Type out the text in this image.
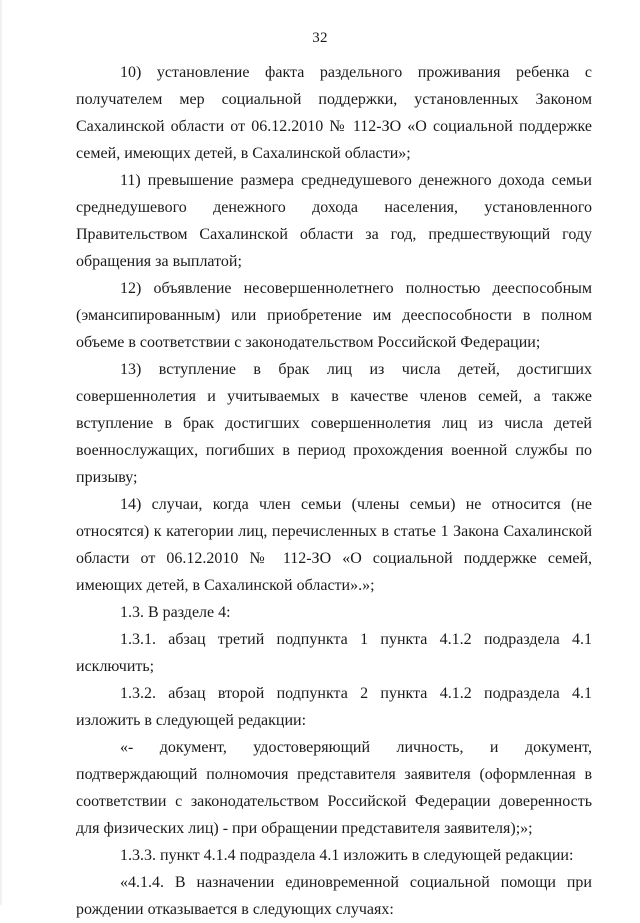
32

10) установление факта раздельного проживания ребенка с получателем мер социальной поддержки, установленных Законом Сахалинской области от 06.12.2010 № 112-ЗО «О социальной поддержке семей, имеющих детей, в Сахалинской области»;

11) превышение размера среднедушевого денежного дохода семьи среднедушевого денежного дохода населения, установленного Правительством Сахалинской области за год, предшествующий году обращения за выплатой;

12) объявление несовершеннолетнего полностью дееспособным (эмансипированным) или приобретение им дееспособности в полном объеме в соответствии с законодательством Российской Федерации;

13) вступление в брак лиц из числа детей, достигших совершеннолетия и учитываемых в качестве членов семей, а также вступление в брак достигших совершеннолетия лиц из числа детей военнослужащих, погибших в период прохождения военной службы по призыву;

14) случаи, когда член семьи (члены семьи) не относится (не относятся) к категории лиц, перечисленных в статье 1 Закона Сахалинской области от 06.12.2010 № 112-ЗО «О социальной поддержке семей, имеющих детей, в Сахалинской области».»;

1.3. В разделе 4:

1.3.1. абзац третий подпункта 1 пункта 4.1.2 подраздела 4.1 исключить;

1.3.2. абзац второй подпункта 2 пункта 4.1.2 подраздела 4.1 изложить в следующей редакции:

«- документ, удостоверяющий личность, и документ, подтверждающий полномочия представителя заявителя (оформленная в соответствии с законодательством Российской Федерации доверенность для физических лиц) - при обращении представителя заявителя);»;

1.3.3. пункт 4.1.4 подраздела 4.1 изложить в следующей редакции:

«4.1.4. В назначении единовременной социальной помощи при рождении отказывается в следующих случаях:
